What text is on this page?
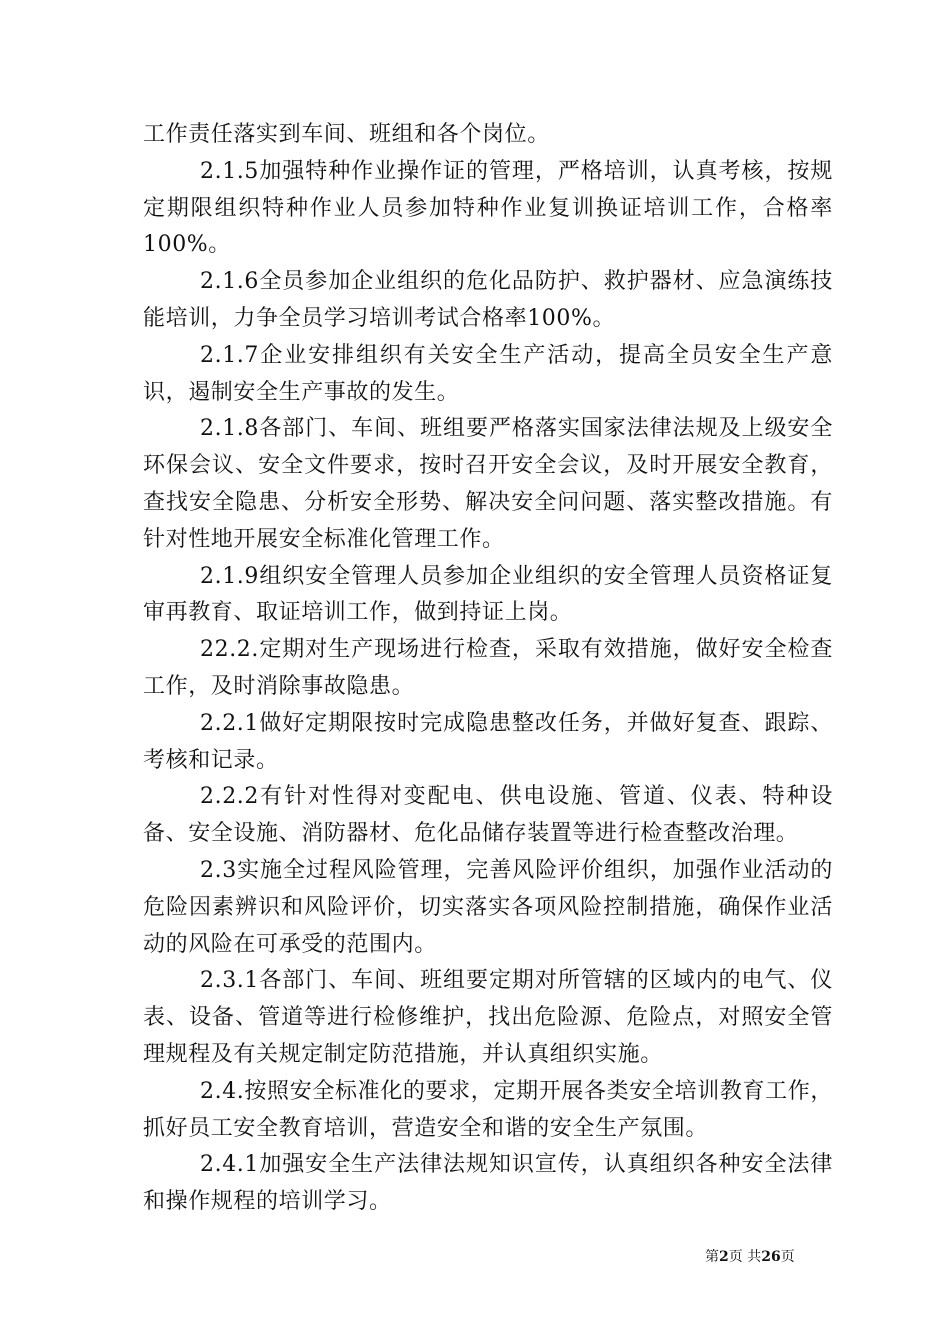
工作责任落实到车间、班组和各个岗位。

2.1.5加强特种作业操作证的管理，严格培训，认真考核，按规定期限组织特种作业人员参加特种作业复训换证培训工作，合格率100%。

2.1.6全员参加企业组织的危化品防护、救护器材、应急演练技能培训，力争全员学习培训考试合格率100%。

2.1.7企业安排组织有关安全生产活动，提高全员安全生产意识，遏制安全生产事故的发生。

2.1.8各部门、车间、班组要严格落实国家法律法规及上级安全环保会议、安全文件要求，按时召开安全会议，及时开展安全教育，查找安全隐患、分析安全形势、解决安全问问题、落实整改措施。有针对性地开展安全标准化管理工作。

2.1.9组织安全管理人员参加企业组织的安全管理人员资格证复审再教育、取证培训工作，做到持证上岗。

22.2.定期对生产现场进行检查，采取有效措施，做好安全检查工作，及时消除事故隐患。

2.2.1做好定期限按时完成隐患整改任务，并做好复查、跟踪、考核和记录。

2.2.2有针对性得对变配电、供电设施、管道、仪表、特种设备、安全设施、消防器材、危化品储存装置等进行检查整改治理。

2.3实施全过程风险管理，完善风险评价组织，加强作业活动的危险因素辨识和风险评价，切实落实各项风险控制措施，确保作业活动的风险在可承受的范围内。

2.3.1各部门、车间、班组要定期对所管辖的区域内的电气、仪表、设备、管道等进行检修维护，找出危险源、危险点，对照安全管理规程及有关规定制定防范措施，并认真组织实施。

2.4.按照安全标准化的要求，定期开展各类安全培训教育工作，抓好员工安全教育培训，营造安全和谐的安全生产氛围。

2.4.1加强安全生产法律法规知识宣传，认真组织各种安全法律和操作规程的培训学习。

第2页 共26页
